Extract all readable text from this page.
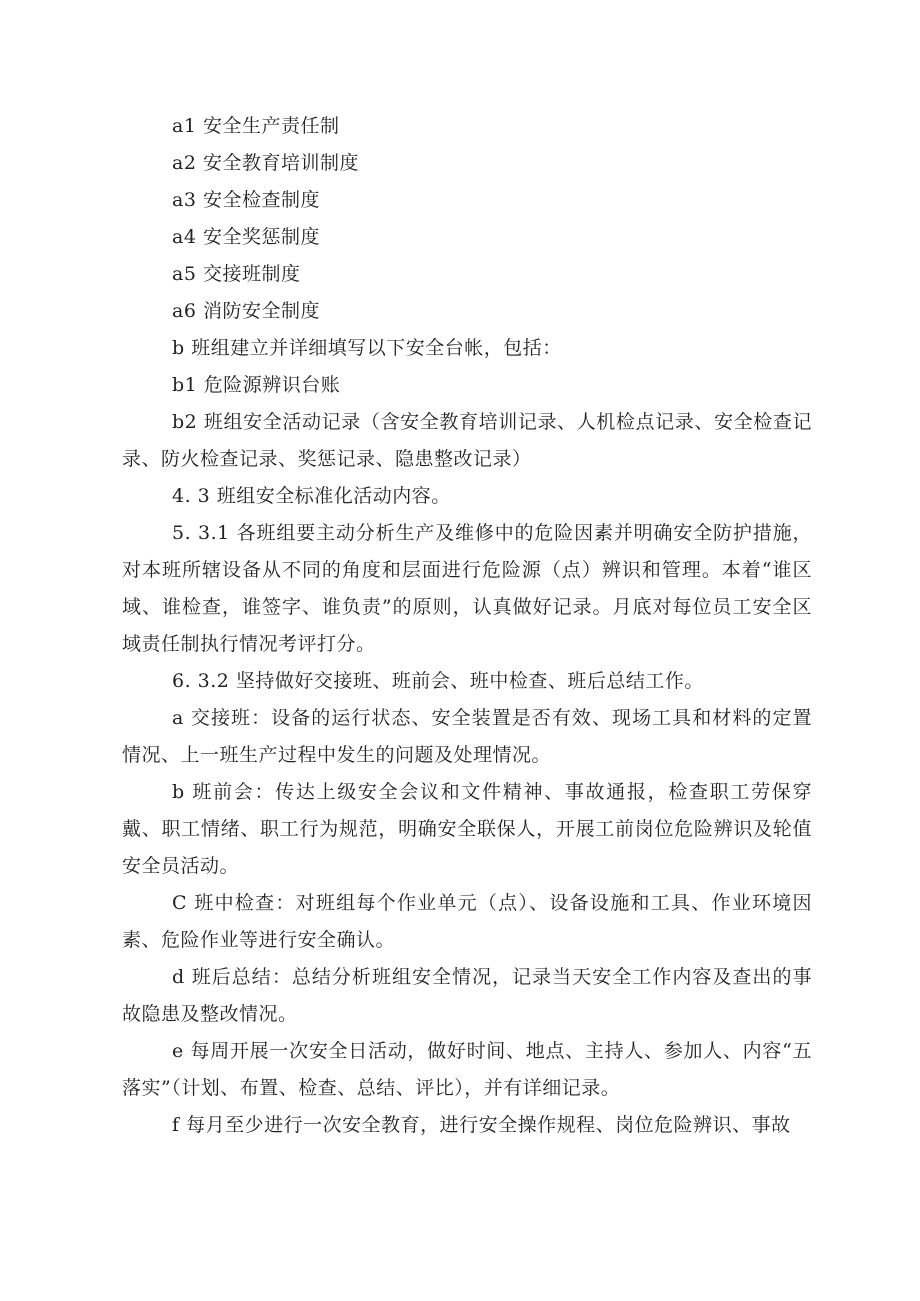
a1 安全生产责任制

a2 安全教育培训制度

a3 安全检查制度

a4 安全奖惩制度

a5 交接班制度

a6 消防安全制度

b 班组建立并详细填写以下安全台帐，包括：

b1 危险源辨识台账

b2 班组安全活动记录（含安全教育培训记录、人机检点记录、安全检查记录、防火检查记录、奖惩记录、隐患整改记录）

4. 3 班组安全标准化活动内容。

5. 3.1 各班组要主动分析生产及维修中的危险因素并明确安全防护措施，对本班所辖设备从不同的角度和层面进行危险源（点）辨识和管理。本着“谁区域、谁检查，谁签字、谁负责”的原则，认真做好记录。月底对每位员工安全区域责任制执行情况考评打分。

6. 3.2 坚持做好交接班、班前会、班中检查、班后总结工作。

a 交接班：设备的运行状态、安全装置是否有效、现场工具和材料的定置情况、上一班生产过程中发生的问题及处理情况。

b 班前会：传达上级安全会议和文件精神、事故通报，检查职工劳保穿戴、职工情绪、职工行为规范，明确安全联保人，开展工前岗位危险辨识及轮值安全员活动。

C 班中检查：对班组每个作业单元（点）、设备设施和工具、作业环境因素、危险作业等进行安全确认。

d 班后总结：总结分析班组安全情况，记录当天安全工作内容及查出的事故隐患及整改情况。

e 每周开展一次安全日活动，做好时间、地点、主持人、参加人、内容“五落实”（计划、布置、检查、总结、评比），并有详细记录。

f 每月至少进行一次安全教育，进行安全操作规程、岗位危险辨识、事故
